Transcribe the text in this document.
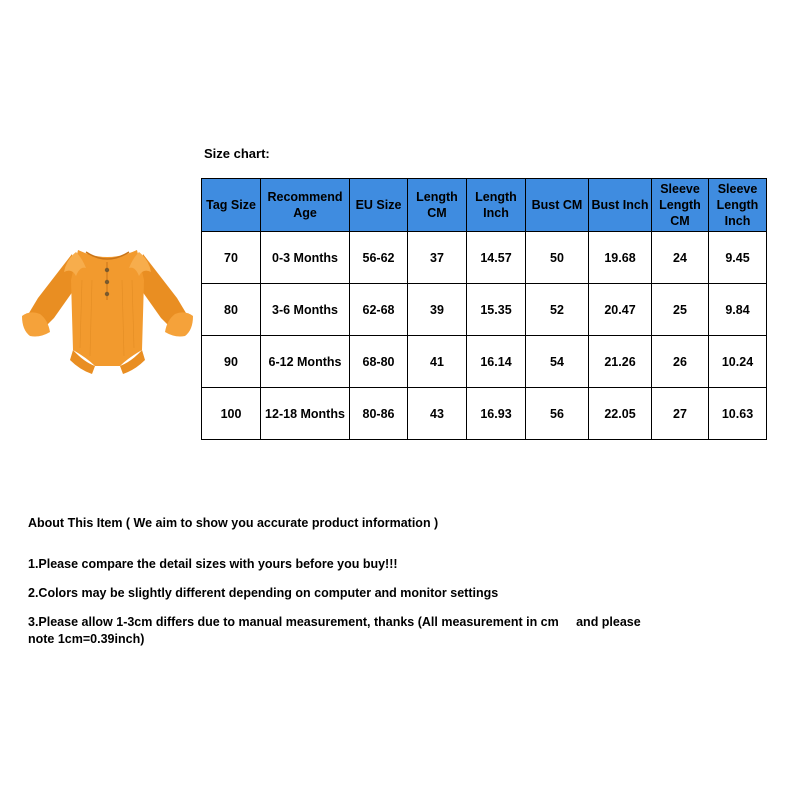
Size chart:
Tag Size	Recommend Age	EU Size	Length CM	Length Inch	Bust CM	Bust Inch	Sleeve Length CM	Sleeve Length Inch
70	0-3 Months	56-62	37	14.57	50	19.68	24	9.45
80	3-6 Months	62-68	39	15.35	52	20.47	25	9.84
90	6-12 Months	68-80	41	16.14	54	21.26	26	10.24
100	12-18 Months	80-86	43	16.93	56	22.05	27	10.63
About This Item ( We aim to show you accurate product information )
1.Please compare the detail sizes with yours before you buy!!!
2.Colors may be slightly different depending on computer and monitor settings
3.Please allow 1-3cm differs due to manual measurement, thanks (All measurement in cm     and please note 1cm=0.39inch)
